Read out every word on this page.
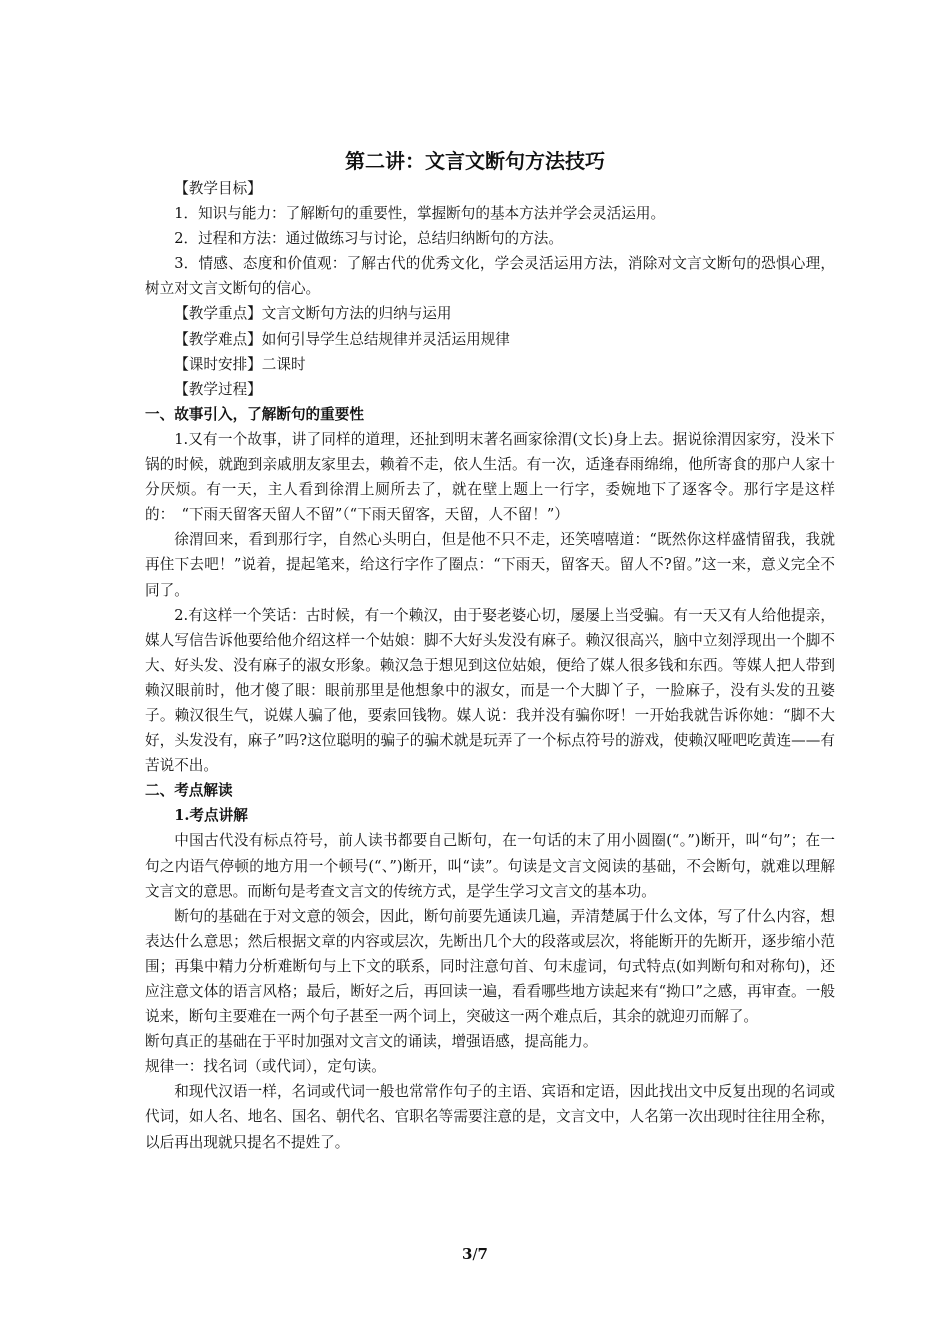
第二讲：文言文断句方法技巧

【教学目标】

1．知识与能力：了解断句的重要性，掌握断句的基本方法并学会灵活运用。

2．过程和方法：通过做练习与讨论，总结归纳断句的方法。

3．情感、态度和价值观：了解古代的优秀文化，学会灵活运用方法，消除对文言文断句的恐惧心理，树立对文言文断句的信心。

【教学重点】文言文断句方法的归纳与运用

【教学难点】如何引导学生总结规律并灵活运用规律

【课时安排】二课时

【教学过程】

一、故事引入，了解断句的重要性

1.又有一个故事，讲了同样的道理，还扯到明末著名画家徐渭(文长)身上去。据说徐渭因家穷，没米下锅的时候，就跑到亲戚朋友家里去，赖着不走，依人生活。有一次，适逢春雨绵绵，他所寄食的那户人家十分厌烦。有一天，主人看到徐渭上厕所去了，就在壁上题上一行字，委婉地下了逐客令。那行字是这样的：　“下雨天留客天留人不留”（“下雨天留客，天留，人不留！”）

徐渭回来，看到那行字，自然心头明白，但是他不只不走，还笑嘻嘻道：“既然你这样盛情留我，我就再住下去吧！”说着，提起笔来，给这行字作了圈点：“下雨天，留客天。留人不?留。”这一来，意义完全不同了。

2.有这样一个笑话：古时候，有一个赖汉，由于娶老婆心切，屡屡上当受骗。有一天又有人给他提亲，媒人写信告诉他要给他介绍这样一个姑娘：脚不大好头发没有麻子。赖汉很高兴，脑中立刻浮现出一个脚不大、好头发、没有麻子的淑女形象。赖汉急于想见到这位姑娘，便给了媒人很多钱和东西。等媒人把人带到赖汉眼前时，他才傻了眼：眼前那里是他想象中的淑女，而是一个大脚丫子，一脸麻子，没有头发的丑婆子。赖汉很生气，说媒人骗了他，要索回钱物。媒人说：我并没有骗你呀！一开始我就告诉你她：“脚不大好，头发没有，麻子”吗?这位聪明的骗子的骗术就是玩弄了一个标点符号的游戏，使赖汉哑吧吃黄连——有苦说不出。

二、考点解读

1.考点讲解

中国古代没有标点符号，前人读书都要自己断句，在一句话的末了用小圆圈(“。”)断开，叫“句”；在一句之内语气停顿的地方用一个顿号(“、”)断开，叫“读”。句读是文言文阅读的基础，不会断句，就难以理解文言文的意思。而断句是考查文言文的传统方式，是学生学习文言文的基本功。

断句的基础在于对文意的领会，因此，断句前要先通读几遍，弄清楚属于什么文体，写了什么内容，想表达什么意思；然后根据文章的内容或层次，先断出几个大的段落或层次，将能断开的先断开，逐步缩小范围；再集中精力分析难断句与上下文的联系，同时注意句首、句末虚词，句式特点(如判断句和对称句)，还应注意文体的语言风格；最后，断好之后，再回读一遍，看看哪些地方读起来有“拗口”之感，再审查。一般说来，断句主要难在一两个句子甚至一两个词上，突破这一两个难点后，其余的就迎刃而解了。

断句真正的基础在于平时加强对文言文的诵读，增强语感，提高能力。

规律一：找名词（或代词），定句读。

和现代汉语一样，名词或代词一般也常常作句子的主语、宾语和定语，因此找出文中反复出现的名词或代词，如人名、地名、国名、朝代名、官职名等需要注意的是，文言文中，人名第一次出现时往往用全称，以后再出现就只提名不提姓了。

3/7
